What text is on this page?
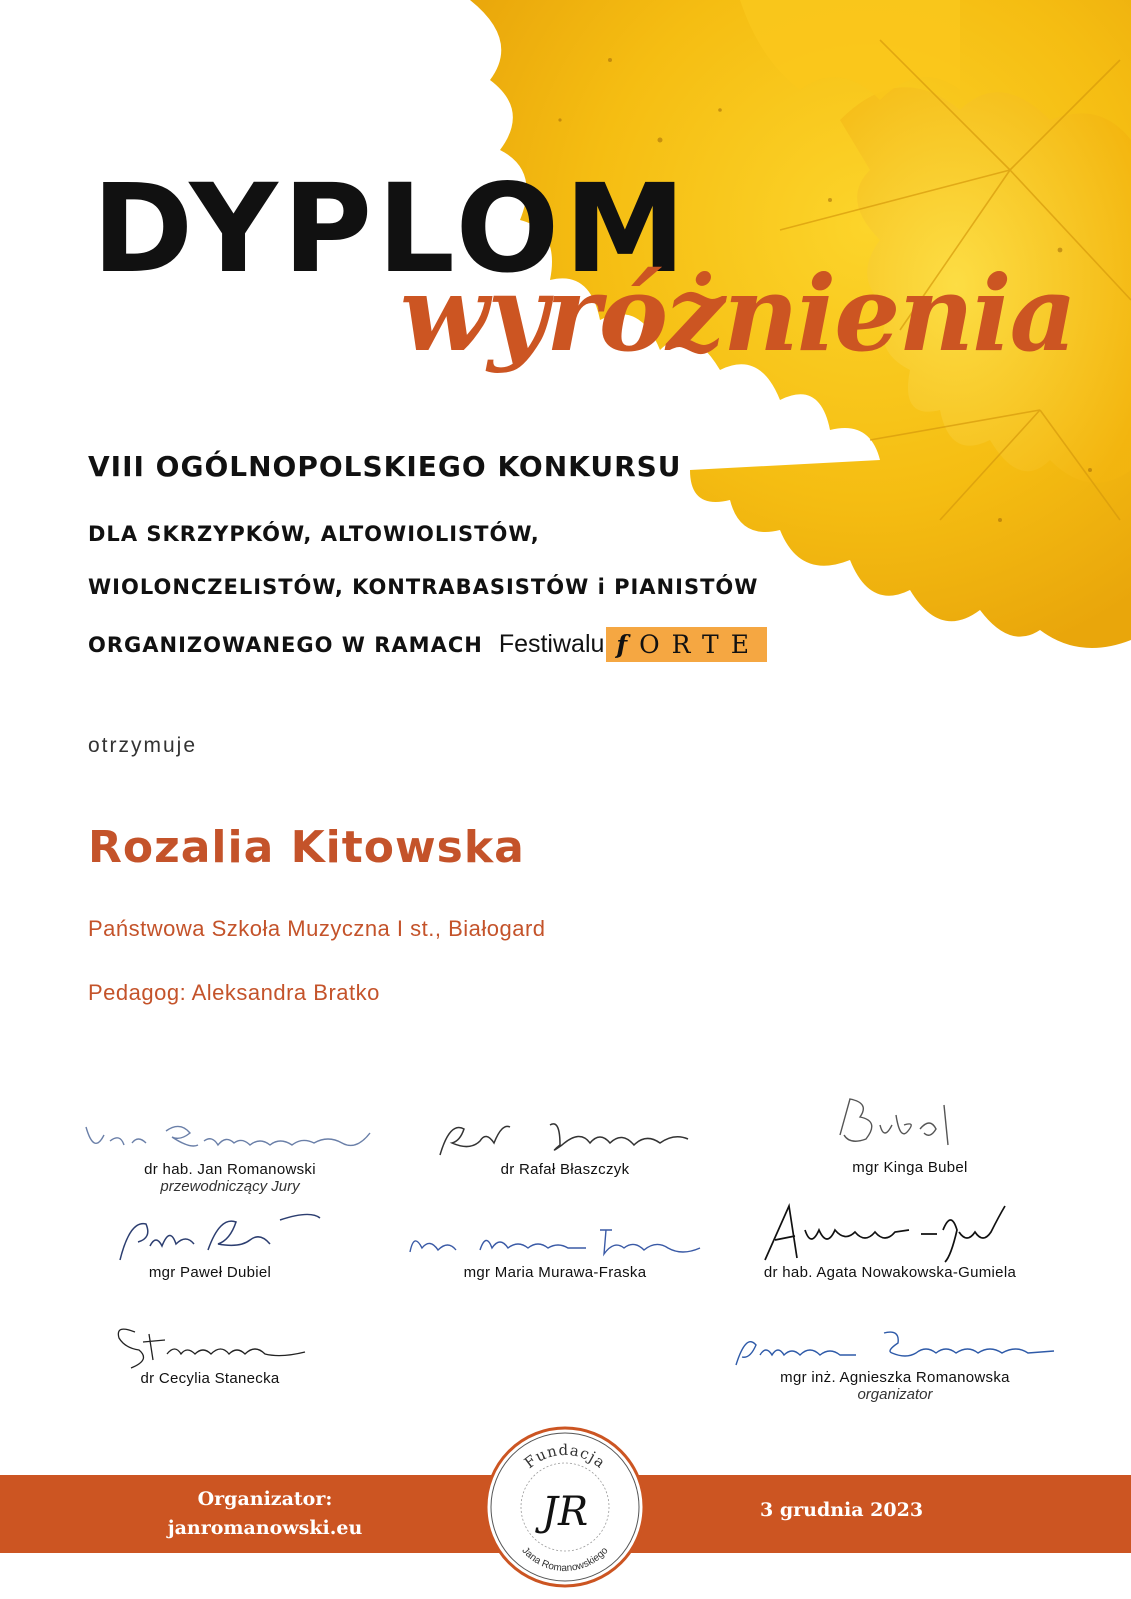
DYPLOM
wyróżnienia
VIII OGÓLNOPOLSKIEGO KONKURSU
DLA SKRZYPKÓW, ALTOWIOLISTÓW,
WIOLONCZELISTÓW, KONTRABASISTÓW i PIANISTÓW
ORGANIZOWANEGO W RAMACH Festiwalu fORTE
otrzymuje
Rozalia Kitowska
Państwowa Szkoła Muzyczna I st., Białogard
Pedagog: Aleksandra Bratko
dr hab. Jan Romanowski
przewodniczący Jury
dr Rafał Błaszczyk	mgr Kinga Bubel
mgr Paweł Dubiel	mgr Maria Murawa-Fraska	dr hab. Agata Nowakowska-Gumiela
dr Cecylia Stanecka	mgr inż. Agnieszka Romanowska
organizator
Organizator:
janromanowski.eu
3 grudnia 2023
Fundacja
JR
Jana Romanowskiego
